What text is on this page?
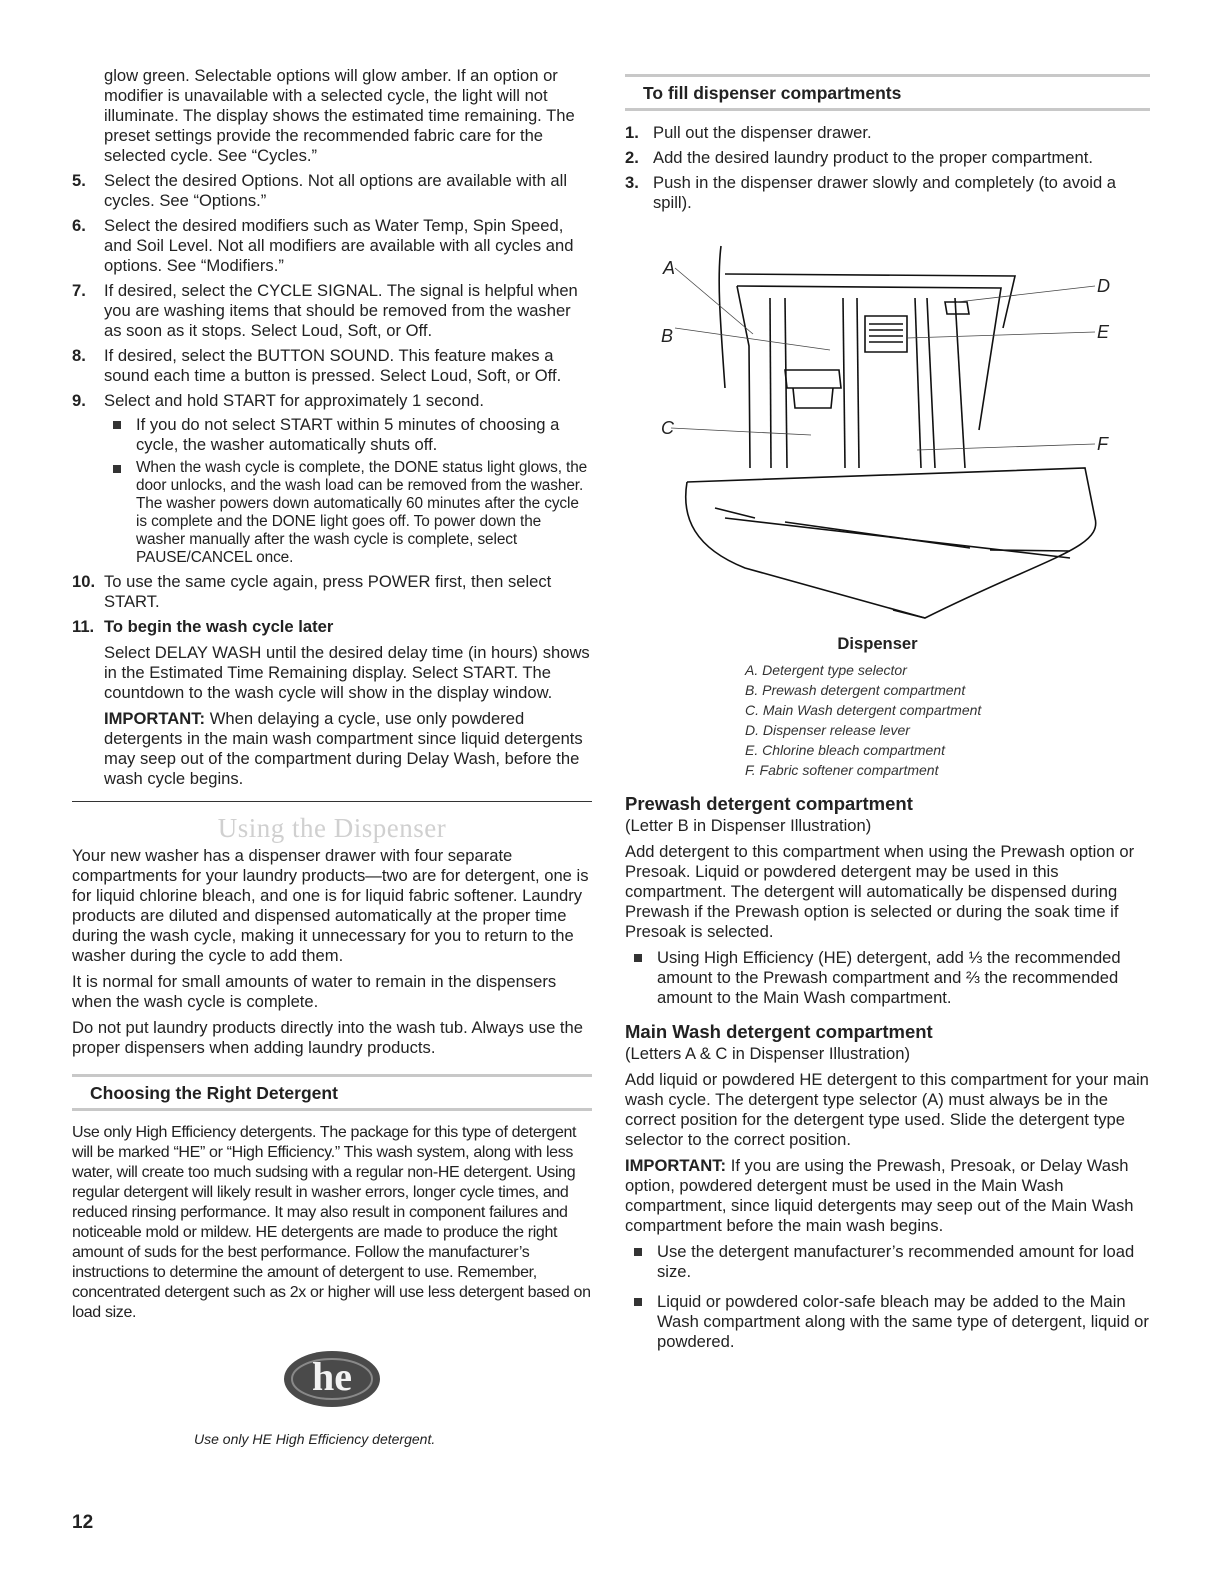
glow green. Selectable options will glow amber. If an option or modifier is unavailable with a selected cycle, the light will not illuminate. The display shows the estimated time remaining. The preset settings provide the recommended fabric care for the selected cycle. See “Cycles.”

5. Select the desired Options. Not all options are available with all cycles. See “Options.”
6. Select the desired modifiers such as Water Temp, Spin Speed, and Soil Level. Not all modifiers are available with all cycles and options. See “Modifiers.”
7. If desired, select the CYCLE SIGNAL. The signal is helpful when you are washing items that should be removed from the washer as soon as it stops. Select Loud, Soft, or Off.
8. If desired, select the BUTTON SOUND. This feature makes a sound each time a button is pressed. Select Loud, Soft, or Off.
9. Select and hold START for approximately 1 second.
If you do not select START within 5 minutes of choosing a cycle, the washer automatically shuts off.
When the wash cycle is complete, the DONE status light glows, the door unlocks, and the wash load can be removed from the washer. The washer powers down automatically 60 minutes after the cycle is complete and the DONE light goes off. To power down the washer manually after the wash cycle is complete, select PAUSE/CANCEL once.
10. To use the same cycle again, press POWER first, then select START.
11. To begin the wash cycle later

Select DELAY WASH until the desired delay time (in hours) shows in the Estimated Time Remaining display. Select START. The countdown to the wash cycle will show in the display window.

IMPORTANT: When delaying a cycle, use only powdered detergents in the main wash compartment since liquid detergents may seep out of the compartment during Delay Wash, before the wash cycle begins.

Using the Dispenser

Your new washer has a dispenser drawer with four separate compartments for your laundry products—two are for detergent, one is for liquid chlorine bleach, and one is for liquid fabric softener. Laundry products are diluted and dispensed automatically at the proper time during the wash cycle, making it unnecessary for you to return to the washer during the cycle to add them.

It is normal for small amounts of water to remain in the dispensers when the wash cycle is complete.

Do not put laundry products directly into the wash tub. Always use the proper dispensers when adding laundry products.

Choosing the Right Detergent

Use only High Efficiency detergents. The package for this type of detergent will be marked “HE” or “High Efficiency.” This wash system, along with less water, will create too much sudsing with a regular non-HE detergent. Using regular detergent will likely result in washer errors, longer cycle times, and reduced rinsing performance. It may also result in component failures and noticeable mold or mildew. HE detergents are made to produce the right amount of suds for the best performance. Follow the manufacturer’s instructions to determine the amount of detergent to use. Remember, concentrated detergent such as 2x or higher will use less detergent based on load size.

he

Use only HE High Efficiency detergent.

12
To fill dispenser compartments
1. Pull out the dispenser drawer.
2. Add the desired laundry product to the proper compartment.
3. Push in the dispenser drawer slowly and completely (to avoid a spill).
A
B
C
D
E
F
Dispenser
A. Detergent type selector
B. Prewash detergent compartment
C. Main Wash detergent compartment
D. Dispenser release lever
E. Chlorine bleach compartment
F. Fabric softener compartment
Prewash detergent compartment

(Letter B in Dispenser Illustration)

Add detergent to this compartment when using the Prewash option or Presoak. Liquid or powdered detergent may be used in this compartment. The detergent will automatically be dispensed during Prewash if the Prewash option is selected or during the soak time if Presoak is selected.

Using High Efficiency (HE) detergent, add ⅓ the recommended amount to the Prewash compartment and ⅔ the recommended amount to the Main Wash compartment.
Main Wash detergent compartment

(Letters A & C in Dispenser Illustration)

Add liquid or powdered HE detergent to this compartment for your main wash cycle. The detergent type selector (A) must always be in the correct position for the detergent type used. Slide the detergent type selector to the correct position.

IMPORTANT: If you are using the Prewash, Presoak, or Delay Wash option, powdered detergent must be used in the Main Wash compartment, since liquid detergents may seep out of the Main Wash compartment before the main wash begins.

Use the detergent manufacturer’s recommended amount for load size.
Liquid or powdered color-safe bleach may be added to the Main Wash compartment along with the same type of detergent, liquid or powdered.
